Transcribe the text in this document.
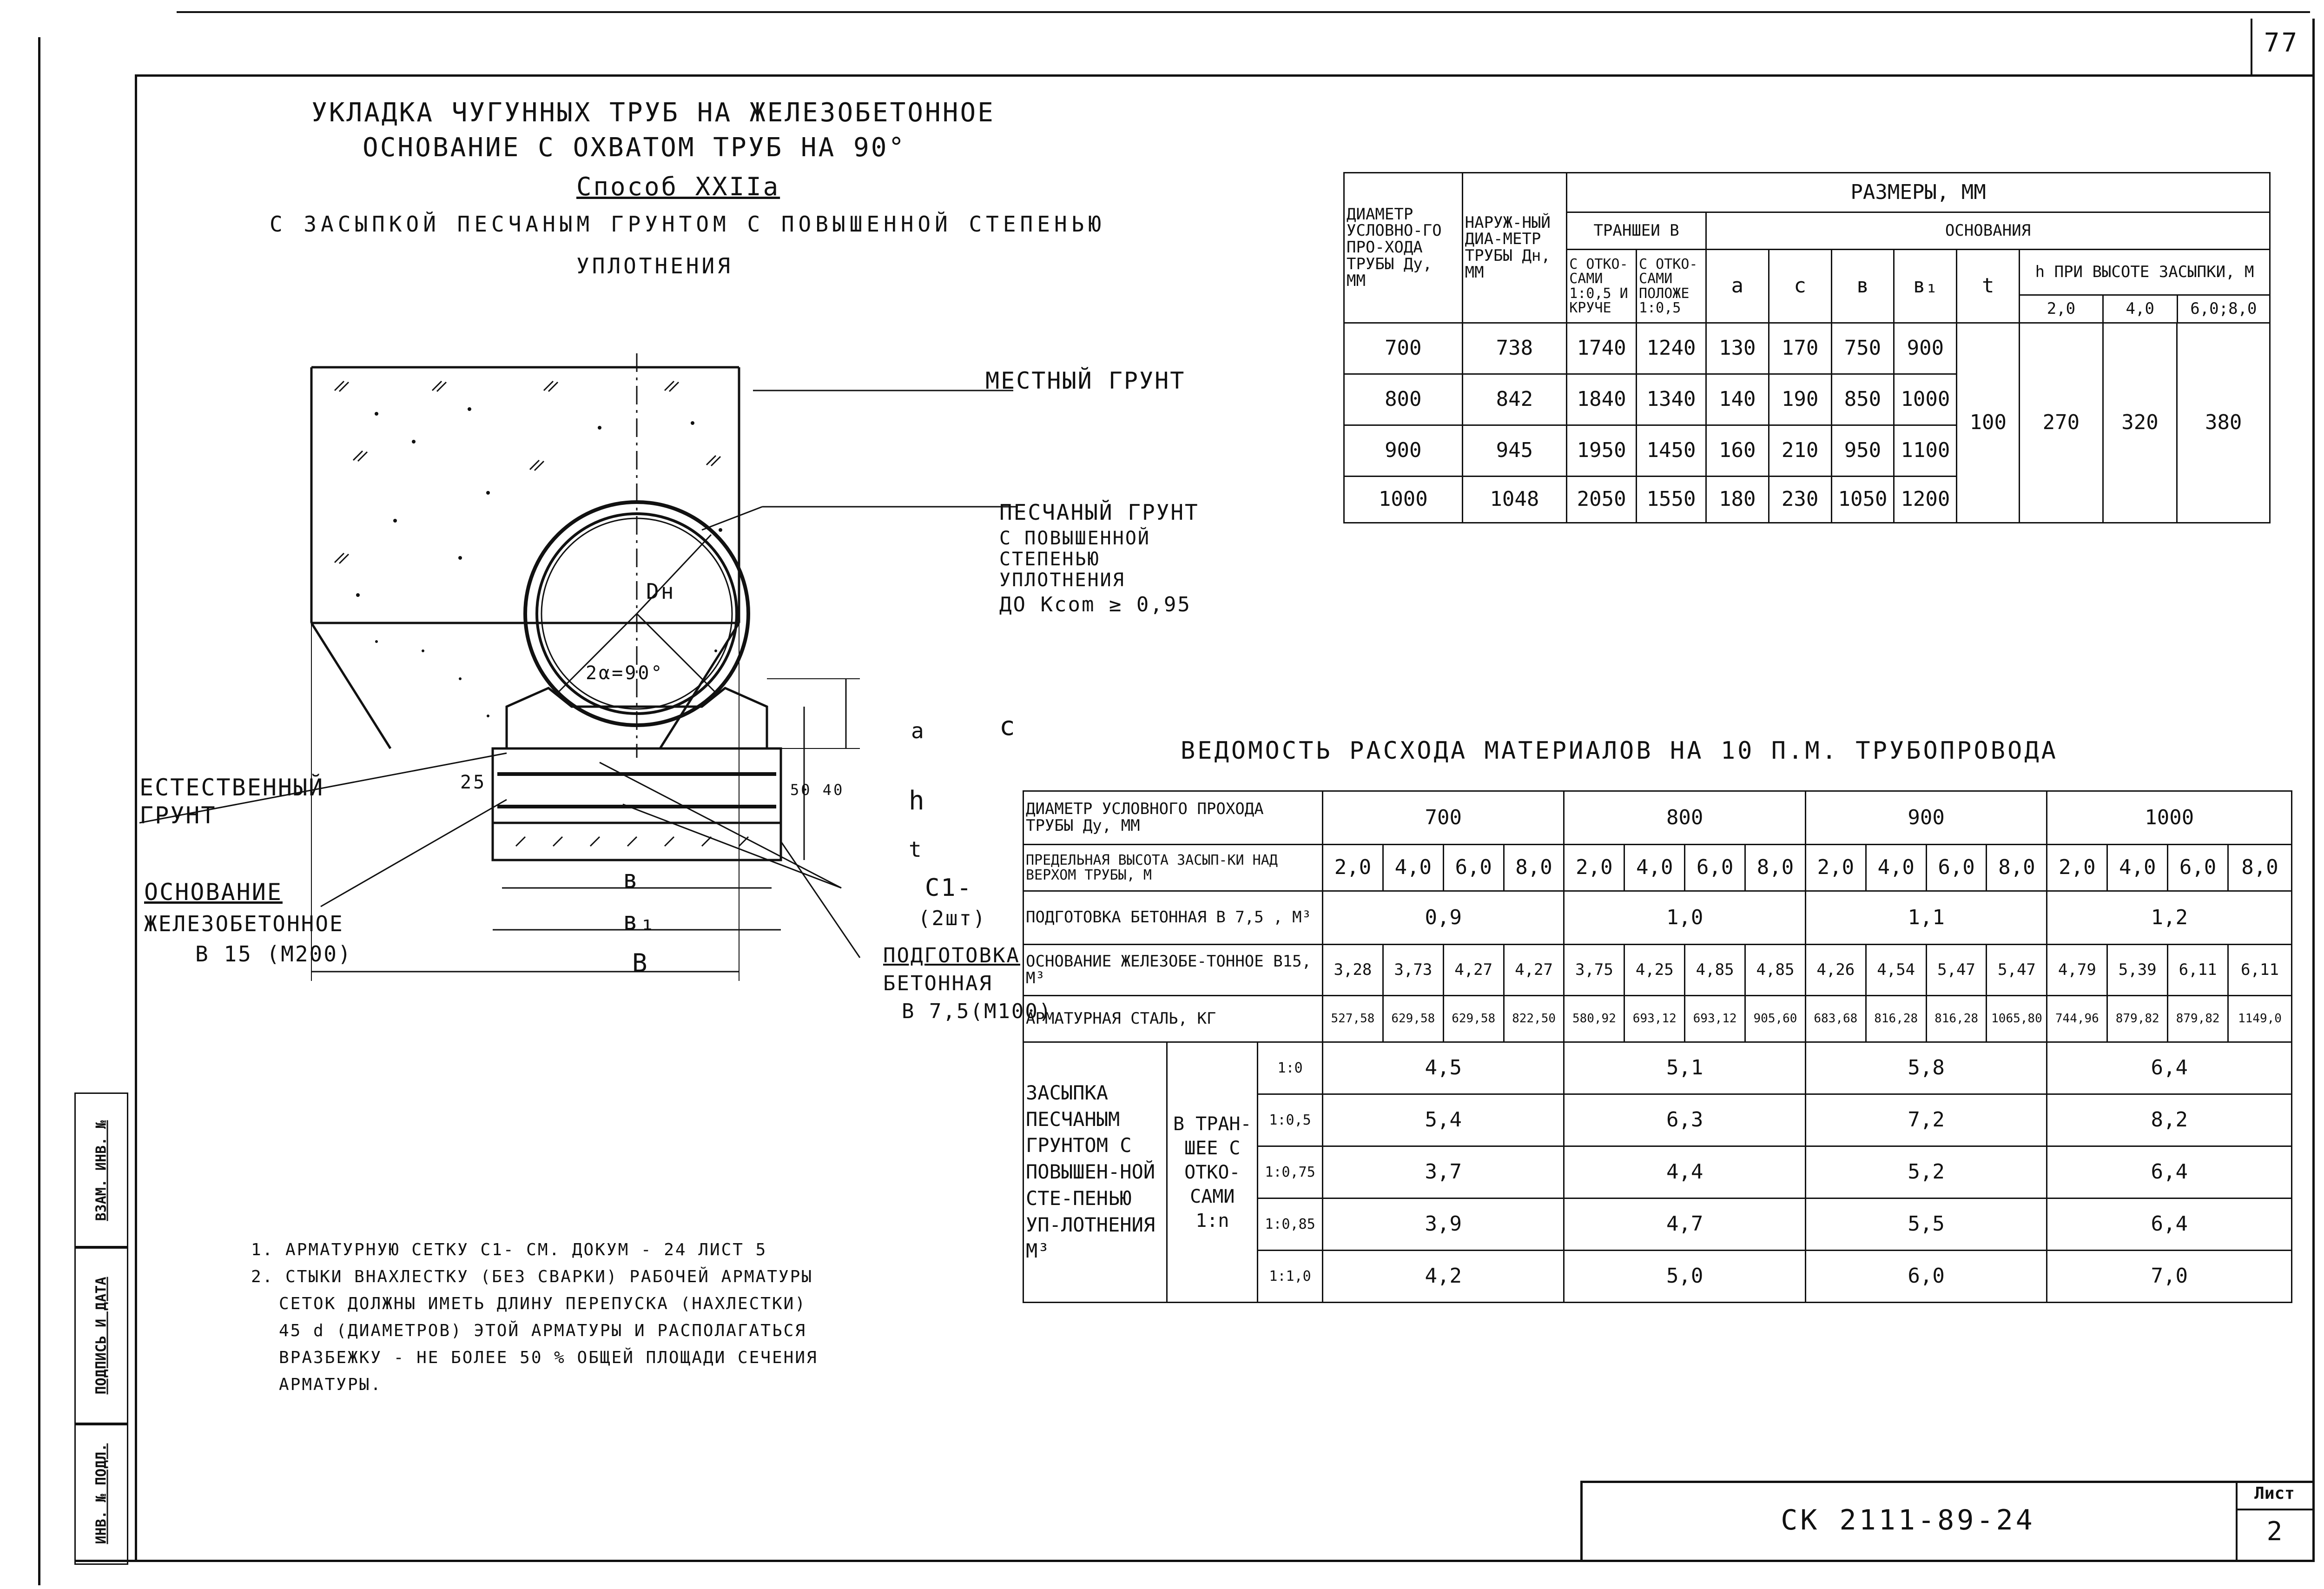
77
ВЗАМ. ИНВ. №
ПОДПИСЬ И ДАТА
ИНВ. № ПОДЛ.
УКЛАДКА ЧУГУННЫХ ТРУБ НА ЖЕЛЕЗОБЕТОННОЕ
ОСНОВАНИЕ С ОХВАТОМ ТРУБ НА 90°
Способ XXIIа
С ЗАСЫПКОЙ ПЕСЧАНЫМ ГРУНТОМ С ПОВЫШЕННОЙ СТЕПЕНЬЮ
УПЛОТНЕНИЯ
МЕСТНЫЙ ГРУНТ
ПЕСЧАНЫЙ ГРУНТ
С ПОВЫШЕННОЙ
СТЕПЕНЬЮ
УПЛОТНЕНИЯ
ДО Kcom ≥ 0,95
ЕСТЕСТВЕННЫЙ
ГРУНТ
ОСНОВАНИЕ
ЖЕЛЕЗОБЕТОННОЕ
В 15 (М200)
С1-
(2шт)
ПОДГОТОВКА
БЕТОННАЯ
В 7,5(М100)
Dн
2α=90°
а	с
h
t
25	50 40
в
в₁
В
ДИАМЕТР УСЛОВНО-ГО ПРО-ХОДА ТРУБЫ Ду, ММ	НАРУЖ-НЫЙ ДИА-МЕТР ТРУБЫ Дн, ММ	РАЗМЕРЫ, ММ									
		ТРАНШЕИ В		ОСНОВАНИЯ							
		С ОТКО-САМИ 1:0,5 И КРУЧЕ	С ОТКО-САМИ ПОЛОЖЕ 1:0,5	а	с	в	в₁	t	h ПРИ ВЫСОТЕ ЗАСЫПКИ, М
2,0 4,0 6,0;8,0		

700	738	1740	1240	130	170	750	900	100	270	320	380
800	842	1840	1340	140	190	850	1000				
900	945	1950	1450	160	210	950	1100				
1000	1048	2050	1550	180	230	1050	1200				
ВЕДОМОСТЬ РАСХОДА МАТЕРИАЛОВ НА 10 П.М. ТРУБОПРОВОДА
ДИАМЕТР УСЛОВНОГО ПРОХОДА ТРУБЫ Ду, ММ			700				800				900				1000			
ПРЕДЕЛЬНАЯ ВЫСОТА ЗАСЫП-КИ НАД ВЕРХОМ ТРУБЫ, М			2,0	4,0	6,0	8,0	2,0	4,0	6,0	8,0	2,0	4,0	6,0	8,0	2,0	4,0	6,0	8,0
ПОДГОТОВКА БЕТОННАЯ В 7,5 , М³			0,9				1,0				1,1				1,2			
ОСНОВАНИЕ ЖЕЛЕЗОБЕ-ТОННОЕ В15, М³			3,28	3,73	4,27	4,27	3,75	4,25	4,85	4,85	4,26	4,54	5,47	5,47	4,79	5,39	6,11	6,11
АРМАТУРНАЯ СТАЛЬ, КГ			527,58	629,58	629,58	822,50	580,92	693,12	693,12	905,60	683,68	816,28	816,28	1065,80	744,96	879,82	879,82	1149,0
ЗАСЫПКА ПЕСЧАНЫМ ГРУНТОМ С ПОВЫШЕН-НОЙ СТЕ-ПЕНЬЮ УП-ЛОТНЕНИЯ М³	В ТРАН-ШЕЕ С ОТКО-САМИ 1:n	1:0	4,5				5,1				5,8				6,4			
		1:0,5	5,4				6,3				7,2				8,2			
		1:0,75	3,7				4,4				5,2				6,4			
		1:0,85	3,9				4,7				5,5				6,4			
		1:1,0	4,2				5,0				6,0				7,0			
1. АРМАТУРНУЮ СЕТКУ С1- СМ. ДОКУМ - 24 ЛИСТ 5
2. СТЫКИ ВНАХЛЕСТКУ (БЕЗ СВАРКИ) РАБОЧЕЙ АРМАТУРЫ
СЕТОК ДОЛЖНЫ ИМЕТЬ ДЛИНУ ПЕРЕПУСКА (НАХЛЕСТКИ)
45 d (ДИАМЕТРОВ) ЭТОЙ АРМАТУРЫ И РАСПОЛАГАТЬСЯ
ВРАЗБЕЖКУ - НЕ БОЛЕЕ 50 % ОБЩЕЙ ПЛОЩАДИ СЕЧЕНИЯ
АРМАТУРЫ.
СК 2111-89-24
Лист
2
